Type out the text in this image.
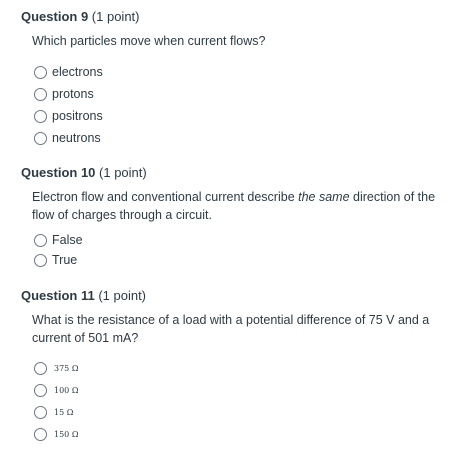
Question 9 (1 point)
Which particles move when current flows?
electrons
protons
positrons
neutrons
Question 10 (1 point)
Electron flow and conventional current describe the same direction of the flow of charges through a circuit.
False
True
Question 11 (1 point)
What is the resistance of a load with a potential difference of 75 V and a current of 501 mA?
375 Ω
100 Ω
15 Ω
150 Ω
